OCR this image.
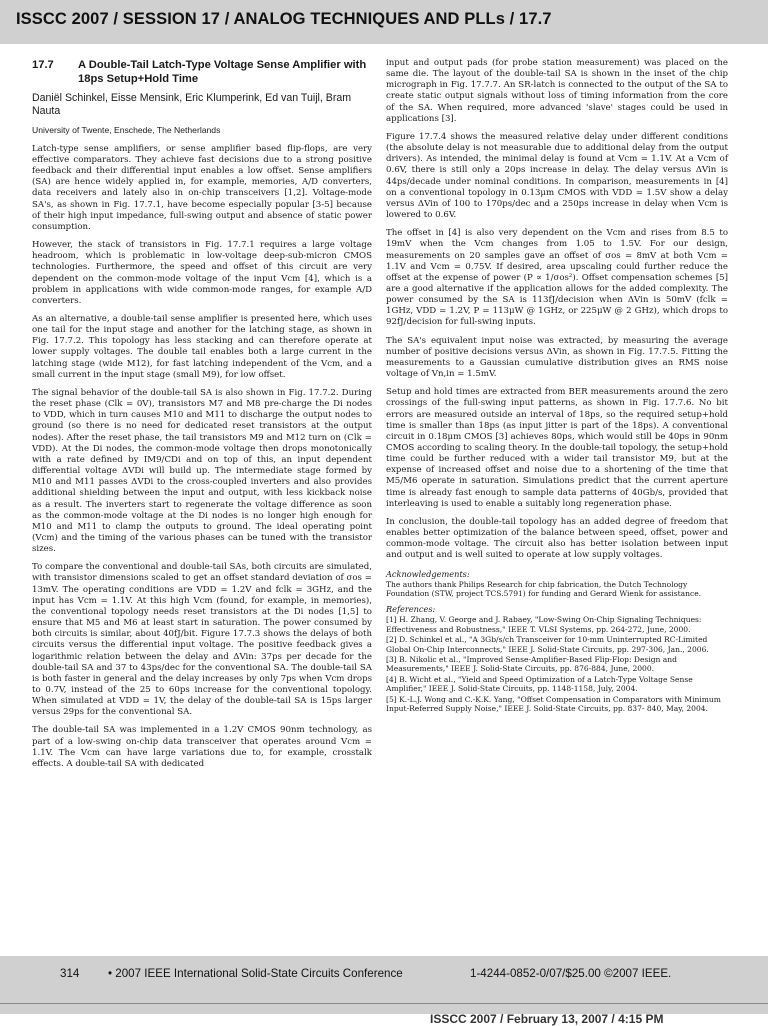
ISSCC 2007 / SESSION 17 / ANALOG TECHNIQUES AND PLLs / 17.7
17.7	A Double-Tail Latch-Type Voltage Sense Amplifier with 18ps Setup+Hold Time
Daniël Schinkel, Eisse Mensink, Eric Klumperink, Ed van Tuijl, Bram Nauta
University of Twente, Enschede, The Netherlands

Latch-type sense amplifiers, or sense amplifier based flip-flops, are very effective comparators. They achieve fast decisions due to a strong positive feedback and their differential input enables a low offset. Sense amplifiers (SA) are hence widely applied in, for example, memories, A/D converters, data receivers and lately also in on-chip transceivers [1,2]. Voltage-mode SA's, as shown in Fig. 17.7.1, have become especially popular [3-5] because of their high input impedance, full-swing output and absence of static power consumption.

However, the stack of transistors in Fig. 17.7.1 requires a large voltage headroom, which is problematic in low-voltage deep-sub-micron CMOS technologies. Furthermore, the speed and offset of this circuit are very dependent on the common-mode voltage of the input Vcm [4], which is a problem in applications with wide common-mode ranges, for example A/D converters.

As an alternative, a double-tail sense amplifier is presented here, which uses one tail for the input stage and another for the latching stage, as shown in Fig. 17.7.2. This topology has less stacking and can therefore operate at lower supply voltages. The double tail enables both a large current in the latching stage (wide M12), for fast latching independent of the Vcm, and a small current in the input stage (small M9), for low offset.

The signal behavior of the double-tail SA is also shown in Fig. 17.7.2. During the reset phase (Clk = 0V), transistors M7 and M8 pre-charge the Di nodes to VDD, which in turn causes M10 and M11 to discharge the output nodes to ground (so there is no need for dedicated reset transistors at the output nodes). After the reset phase, the tail transistors M9 and M12 turn on (Clk = VDD). At the Di nodes, the common-mode voltage then drops monotonically with a rate defined by IM9/CDi and on top of this, an input dependent differential voltage ΔVDi will build up. The intermediate stage formed by M10 and M11 passes ΔVDi to the cross-coupled inverters and also provides additional shielding between the input and output, with less kickback noise as a result. The inverters start to regenerate the voltage difference as soon as the common-mode voltage at the Di nodes is no longer high enough for M10 and M11 to clamp the outputs to ground. The ideal operating point (Vcm) and the timing of the various phases can be tuned with the transistor sizes.

To compare the conventional and double-tail SAs, both circuits are simulated, with transistor dimensions scaled to get an offset standard deviation of σos = 13mV. The operating conditions are VDD = 1.2V and fclk = 3GHz, and the input has Vcm = 1.1V. At this high Vcm (found, for example, in memories), the conventional topology needs reset transistors at the Di nodes [1,5] to ensure that M5 and M6 at least start in saturation. The power consumed by both circuits is similar, about 40fJ/bit. Figure 17.7.3 shows the delays of both circuits versus the differential input voltage. The positive feedback gives a logarithmic relation between the delay and ΔVin: 37ps per decade for the double-tail SA and 37 to 43ps/dec for the conventional SA. The double-tail SA is both faster in general and the delay increases by only 7ps when Vcm drops to 0.7V, instead of the 25 to 60ps increase for the conventional topology. When simulated at VDD = 1V, the delay of the double-tail SA is 15ps larger versus 29ps for the conventional SA.

The double-tail SA was implemented in a 1.2V CMOS 90nm technology, as part of a low-swing on-chip data transceiver that operates around Vcm = 1.1V. The Vcm can have large variations due to, for example, crosstalk effects. A double-tail SA with dedicated

input and output pads (for probe station measurement) was placed on the same die. The layout of the double-tail SA is shown in the inset of the chip micrograph in Fig. 17.7.7. An SR-latch is connected to the output of the SA to create static output signals without loss of timing information from the core of the SA. When required, more advanced 'slave' stages could be used in applications [3].

Figure 17.7.4 shows the measured relative delay under different conditions (the absolute delay is not measurable due to additional delay from the output drivers). As intended, the minimal delay is found at Vcm = 1.1V. At a Vcm of 0.6V, there is still only a 20ps increase in delay. The delay versus ΔVin is 44ps/decade under nominal conditions. In comparison, measurements in [4] on a conventional topology in 0.13μm CMOS with VDD = 1.5V show a delay versus ΔVin of 100 to 170ps/dec and a 250ps increase in delay when Vcm is lowered to 0.6V.

The offset in [4] is also very dependent on the Vcm and rises from 8.5 to 19mV when the Vcm changes from 1.05 to 1.5V. For our design, measurements on 20 samples gave an offset of σos = 8mV at both Vcm = 1.1V and Vcm = 0.75V. If desired, area upscaling could further reduce the offset at the expense of power (P ∝ 1/σos²). Offset compensation schemes [5] are a good alternative if the application allows for the added complexity. The power consumed by the SA is 113fJ/decision when ΔVin is 50mV (fclk = 1GHz, VDD = 1.2V, P = 113μW @ 1GHz, or 225μW @ 2 GHz), which drops to 92fJ/decision for full-swing inputs.

The SA's equivalent input noise was extracted, by measuring the average number of positive decisions versus ΔVin, as shown in Fig. 17.7.5. Fitting the measurements to a Gaussian cumulative distribution gives an RMS noise voltage of Vn,in = 1.5mV.

Setup and hold times are extracted from BER measurements around the zero crossings of the full-swing input patterns, as shown in Fig. 17.7.6. No bit errors are measured outside an interval of 18ps, so the required setup+hold time is smaller than 18ps (as input jitter is part of the 18ps). A conventional circuit in 0.18μm CMOS [3] achieves 80ps, which would still be 40ps in 90nm CMOS according to scaling theory. In the double-tail topology, the setup+hold time could be further reduced with a wider tail transistor M9, but at the expense of increased offset and noise due to a shortening of the time that M5/M6 operate in saturation. Simulations predict that the current aperture time is already fast enough to sample data patterns of 40Gb/s, provided that interleaving is used to enable a suitably long regeneration phase.

In conclusion, the double-tail topology has an added degree of freedom that enables better optimization of the balance between speed, offset, power and common-mode voltage. The circuit also has better isolation between input and output and is well suited to operate at low supply voltages.

Acknowledgements:

The authors thank Philips Research for chip fabrication, the Dutch Technology Foundation (STW, project TCS.5791) for funding and Gerard Wienk for assistance.

References:

[1] H. Zhang, V. George and J. Rabaey, "Low-Swing On-Chip Signaling Techniques: Effectiveness and Robustness," IEEE T. VLSI Systems, pp. 264-272, June, 2000.

[2] D. Schinkel et al., "A 3Gb/s/ch Transceiver for 10-mm Uninterrupted RC-Limited Global On-Chip Interconnects," IEEE J. Solid-State Circuits, pp. 297-306, Jan., 2006.

[3] B. Nikolic et al., "Improved Sense-Amplifier-Based Flip-Flop: Design and Measurements," IEEE J. Solid-State Circuits, pp. 876-884, June, 2000.

[4] B. Wicht et al., "Yield and Speed Optimization of a Latch-Type Voltage Sense Amplifier," IEEE J. Solid-State Circuits, pp. 1148-1158, July, 2004.

[5] K.-L.J. Wong and C.-K.K. Yang, "Offset Compensation in Comparators with Minimum Input-Referred Supply Noise," IEEE J. Solid-State Circuits, pp. 837- 840, May, 2004.

314 • 2007 IEEE International Solid-State Circuits Conference	1-4244-0852-0/07/$25.00 ©2007 IEEE.
ISSCC 2007 / February 13, 2007 / 4:15 PM
